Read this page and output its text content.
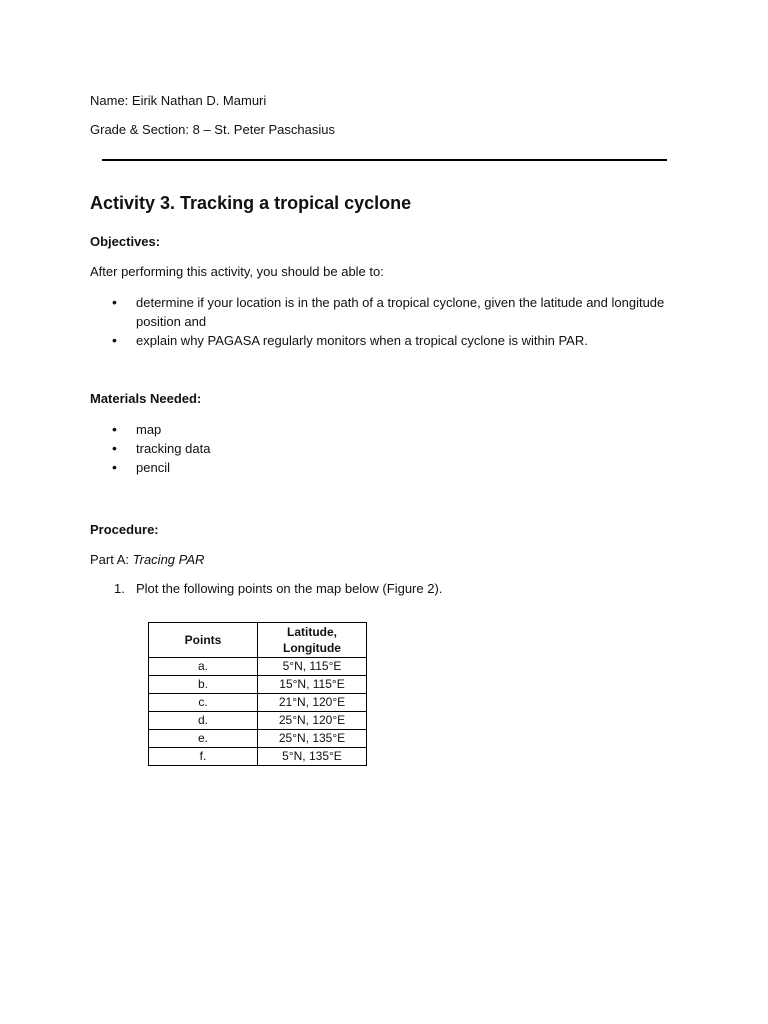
Name: Eirik Nathan D. Mamuri
Grade & Section: 8 – St. Peter Paschasius
Activity 3. Tracking a tropical cyclone
Objectives:
After performing this activity, you should be able to:
• determine if your location is in the path of a tropical cyclone, given the latitude and longitude position and
• explain why PAGASA regularly monitors when a tropical cyclone is within PAR.
Materials Needed:
• map
• tracking data
• pencil
Procedure:
Part A: Tracing PAR
1. Plot the following points on the map below (Figure 2).
Points	Latitude,
Longitude
a.	5°N, 115°E
b.	15°N, 115°E
c.	21°N, 120°E
d.	25°N, 120°E
e.	25°N, 135°E
f.	5°N, 135°E
